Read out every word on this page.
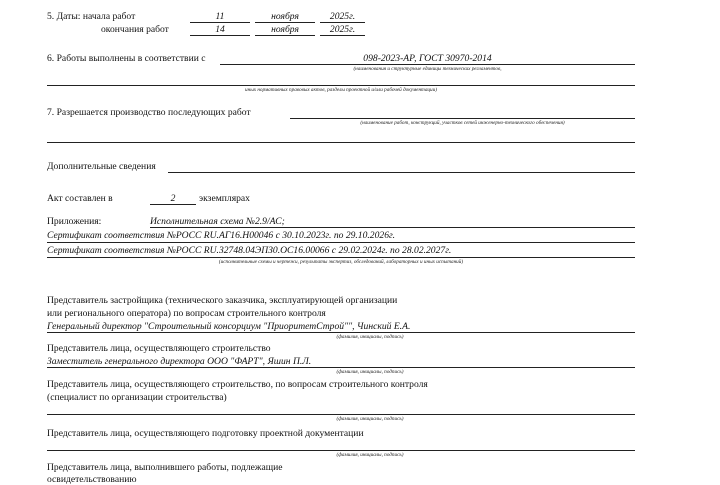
5. Даты: начала работ	11	ноября	2025г.
окончания работ	14	ноября	2025г.
6. Работы выполнены в соответствии с	098-2023-АР, ГОСТ 30970-2014
(наименования и структурные единицы технических регламентов,
иных нормативных правовых актов, разделы проектной и/или рабочей документации)
7. Разрешается производство последующих работ
(наименование работ, конструкций, участков сетей инженерно-технического обеспечения)
Дополнительные сведения
Акт составлен в	2	экземплярах
Приложения:	Исполнительная схема №2.9/АС;
Сертификат соответствия №РОСС RU.АГ16.Н00046 с 30.10.2023г. по 29.10.2026г.
Сертификат соответствия №РОСС RU.32748.04ЭПЗ0.ОС16.00066 с 29.02.2024г. по 28.02.2027г.
(исполнительные схемы и чертежи, результаты экспертиз, обследований, лабораторных и иных испытаний)
Представитель застройщика (технического заказчика, эксплуатирующей организации
или регионального оператора) по вопросам строительного контроля
Генеральный директор "Строительный консорциум "ПриоритетСтрой"", Чинский Е.А.
(фамилия, инициалы, подпись)
Представитель лица, осуществляющего строительство
Заместитель генерального директора ООО "ФАРТ", Яшин П.Л.
(фамилия, инициалы, подпись)
Представитель лица, осуществляющего строительство, по вопросам строительного контроля
(специалист по организации строительства)
(фамилия, инициалы, подпись)
Представитель лица, осуществляющего подготовку проектной документации
(фамилия, инициалы, подпись)
Представитель лица, выполнившего работы, подлежащие
освидетельствованию
